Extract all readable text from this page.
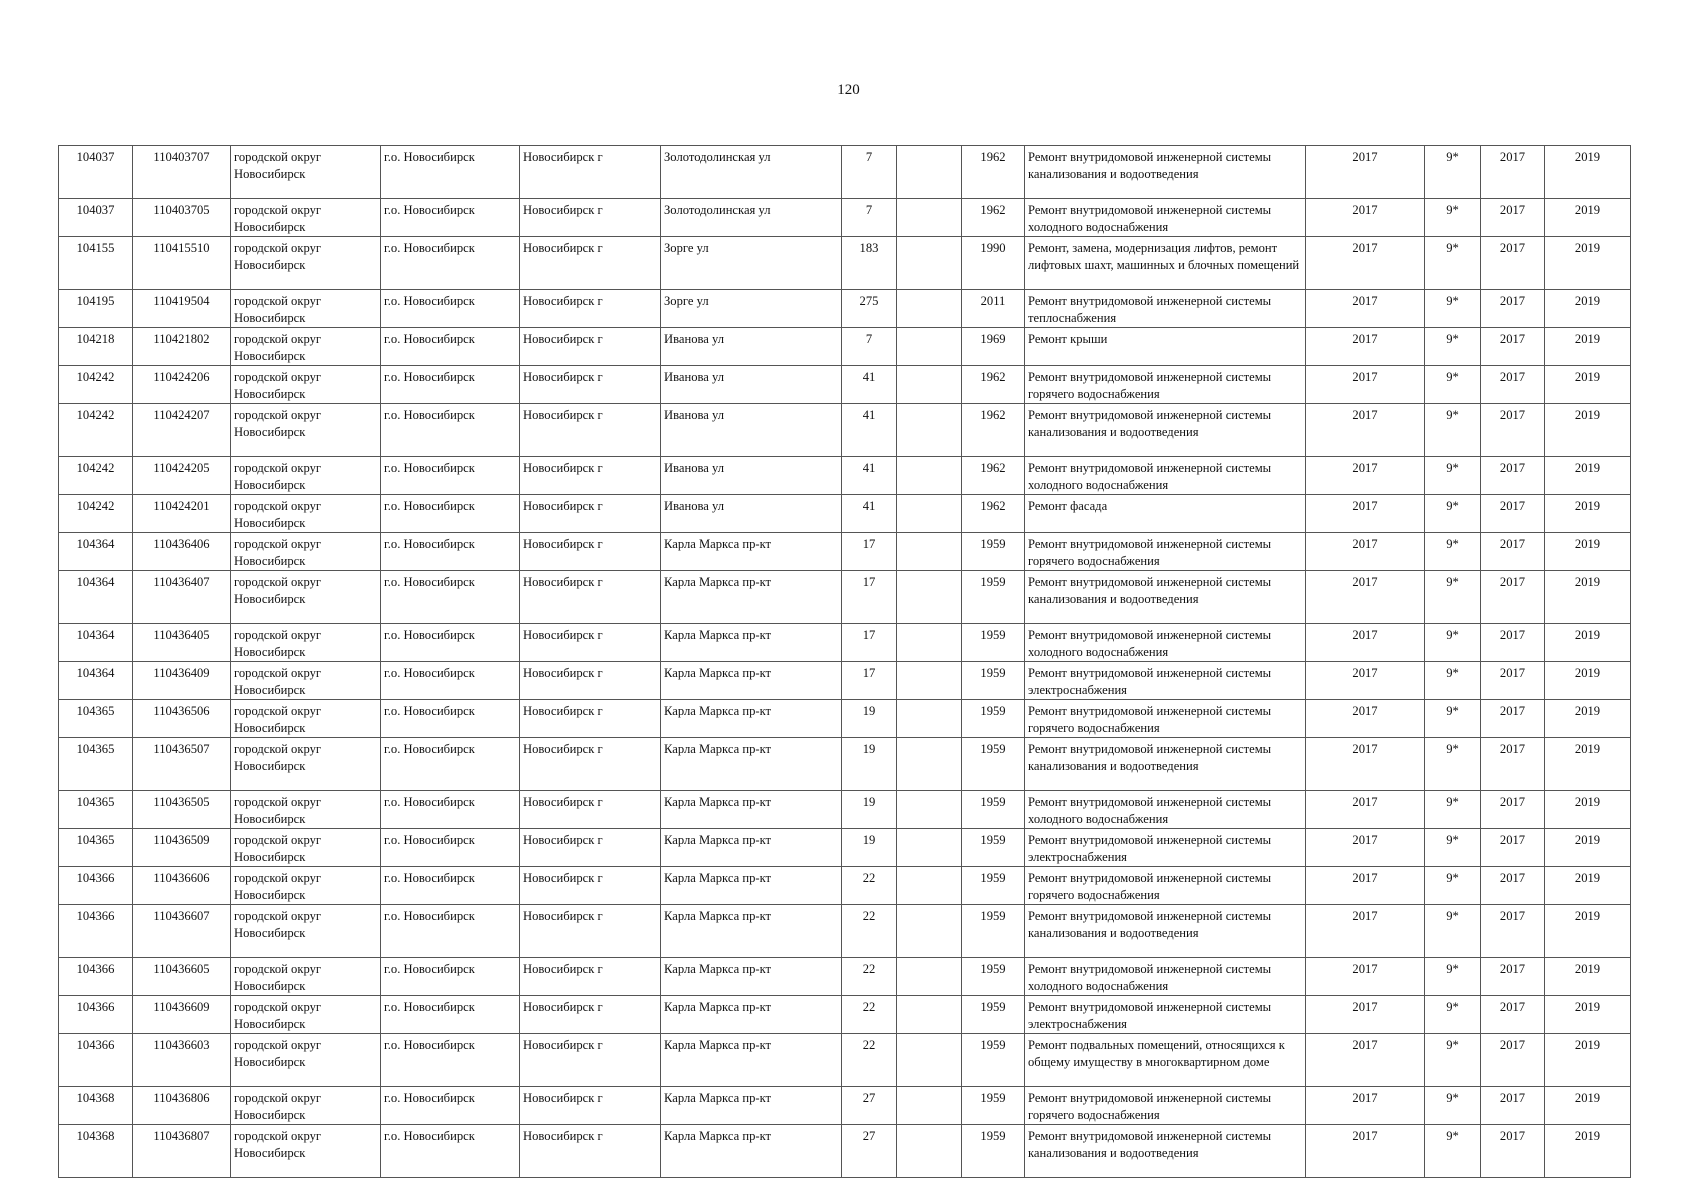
120
104037	110403707	городской округ Новосибирск	г.о. Новосибирск	Новосибирск г	Золотодолинская ул	7		1962	Ремонт внутридомовой инженерной системы канализования и водоотведения	2017	9*	2017	2019
104037	110403705	городской округ Новосибирск	г.о. Новосибирск	Новосибирск г	Золотодолинская ул	7		1962	Ремонт внутридомовой инженерной системы холодного водоснабжения	2017	9*	2017	2019
104155	110415510	городской округ Новосибирск	г.о. Новосибирск	Новосибирск г	Зорге ул	183		1990	Ремонт, замена, модернизация лифтов, ремонт лифтовых шахт, машинных и блочных помещений	2017	9*	2017	2019
104195	110419504	городской округ Новосибирск	г.о. Новосибирск	Новосибирск г	Зорге ул	275		2011	Ремонт внутридомовой инженерной системы теплоснабжения	2017	9*	2017	2019
104218	110421802	городской округ Новосибирск	г.о. Новосибирск	Новосибирск г	Иванова ул	7		1969	Ремонт крыши	2017	9*	2017	2019
104242	110424206	городской округ Новосибирск	г.о. Новосибирск	Новосибирск г	Иванова ул	41		1962	Ремонт внутридомовой инженерной системы горячего водоснабжения	2017	9*	2017	2019
104242	110424207	городской округ Новосибирск	г.о. Новосибирск	Новосибирск г	Иванова ул	41		1962	Ремонт внутридомовой инженерной системы канализования и водоотведения	2017	9*	2017	2019
104242	110424205	городской округ Новосибирск	г.о. Новосибирск	Новосибирск г	Иванова ул	41		1962	Ремонт внутридомовой инженерной системы холодного водоснабжения	2017	9*	2017	2019
104242	110424201	городской округ Новосибирск	г.о. Новосибирск	Новосибирск г	Иванова ул	41		1962	Ремонт фасада	2017	9*	2017	2019
104364	110436406	городской округ Новосибирск	г.о. Новосибирск	Новосибирск г	Карла Маркса пр-кт	17		1959	Ремонт внутридомовой инженерной системы горячего водоснабжения	2017	9*	2017	2019
104364	110436407	городской округ Новосибирск	г.о. Новосибирск	Новосибирск г	Карла Маркса пр-кт	17		1959	Ремонт внутридомовой инженерной системы канализования и водоотведения	2017	9*	2017	2019
104364	110436405	городской округ Новосибирск	г.о. Новосибирск	Новосибирск г	Карла Маркса пр-кт	17		1959	Ремонт внутридомовой инженерной системы холодного водоснабжения	2017	9*	2017	2019
104364	110436409	городской округ Новосибирск	г.о. Новосибирск	Новосибирск г	Карла Маркса пр-кт	17		1959	Ремонт внутридомовой инженерной системы электроснабжения	2017	9*	2017	2019
104365	110436506	городской округ Новосибирск	г.о. Новосибирск	Новосибирск г	Карла Маркса пр-кт	19		1959	Ремонт внутридомовой инженерной системы горячего водоснабжения	2017	9*	2017	2019
104365	110436507	городской округ Новосибирск	г.о. Новосибирск	Новосибирск г	Карла Маркса пр-кт	19		1959	Ремонт внутридомовой инженерной системы канализования и водоотведения	2017	9*	2017	2019
104365	110436505	городской округ Новосибирск	г.о. Новосибирск	Новосибирск г	Карла Маркса пр-кт	19		1959	Ремонт внутридомовой инженерной системы холодного водоснабжения	2017	9*	2017	2019
104365	110436509	городской округ Новосибирск	г.о. Новосибирск	Новосибирск г	Карла Маркса пр-кт	19		1959	Ремонт внутридомовой инженерной системы электроснабжения	2017	9*	2017	2019
104366	110436606	городской округ Новосибирск	г.о. Новосибирск	Новосибирск г	Карла Маркса пр-кт	22		1959	Ремонт внутридомовой инженерной системы горячего водоснабжения	2017	9*	2017	2019
104366	110436607	городской округ Новосибирск	г.о. Новосибирск	Новосибирск г	Карла Маркса пр-кт	22		1959	Ремонт внутридомовой инженерной системы канализования и водоотведения	2017	9*	2017	2019
104366	110436605	городской округ Новосибирск	г.о. Новосибирск	Новосибирск г	Карла Маркса пр-кт	22		1959	Ремонт внутридомовой инженерной системы холодного водоснабжения	2017	9*	2017	2019
104366	110436609	городской округ Новосибирск	г.о. Новосибирск	Новосибирск г	Карла Маркса пр-кт	22		1959	Ремонт внутридомовой инженерной системы электроснабжения	2017	9*	2017	2019
104366	110436603	городской округ Новосибирск	г.о. Новосибирск	Новосибирск г	Карла Маркса пр-кт	22		1959	Ремонт подвальных помещений, относящихся к общему имуществу в многоквартирном доме	2017	9*	2017	2019
104368	110436806	городской округ Новосибирск	г.о. Новосибирск	Новосибирск г	Карла Маркса пр-кт	27		1959	Ремонт внутридомовой инженерной системы горячего водоснабжения	2017	9*	2017	2019
104368	110436807	городской округ Новосибирск	г.о. Новосибирск	Новосибирск г	Карла Маркса пр-кт	27		1959	Ремонт внутридомовой инженерной системы канализования и водоотведения	2017	9*	2017	2019
